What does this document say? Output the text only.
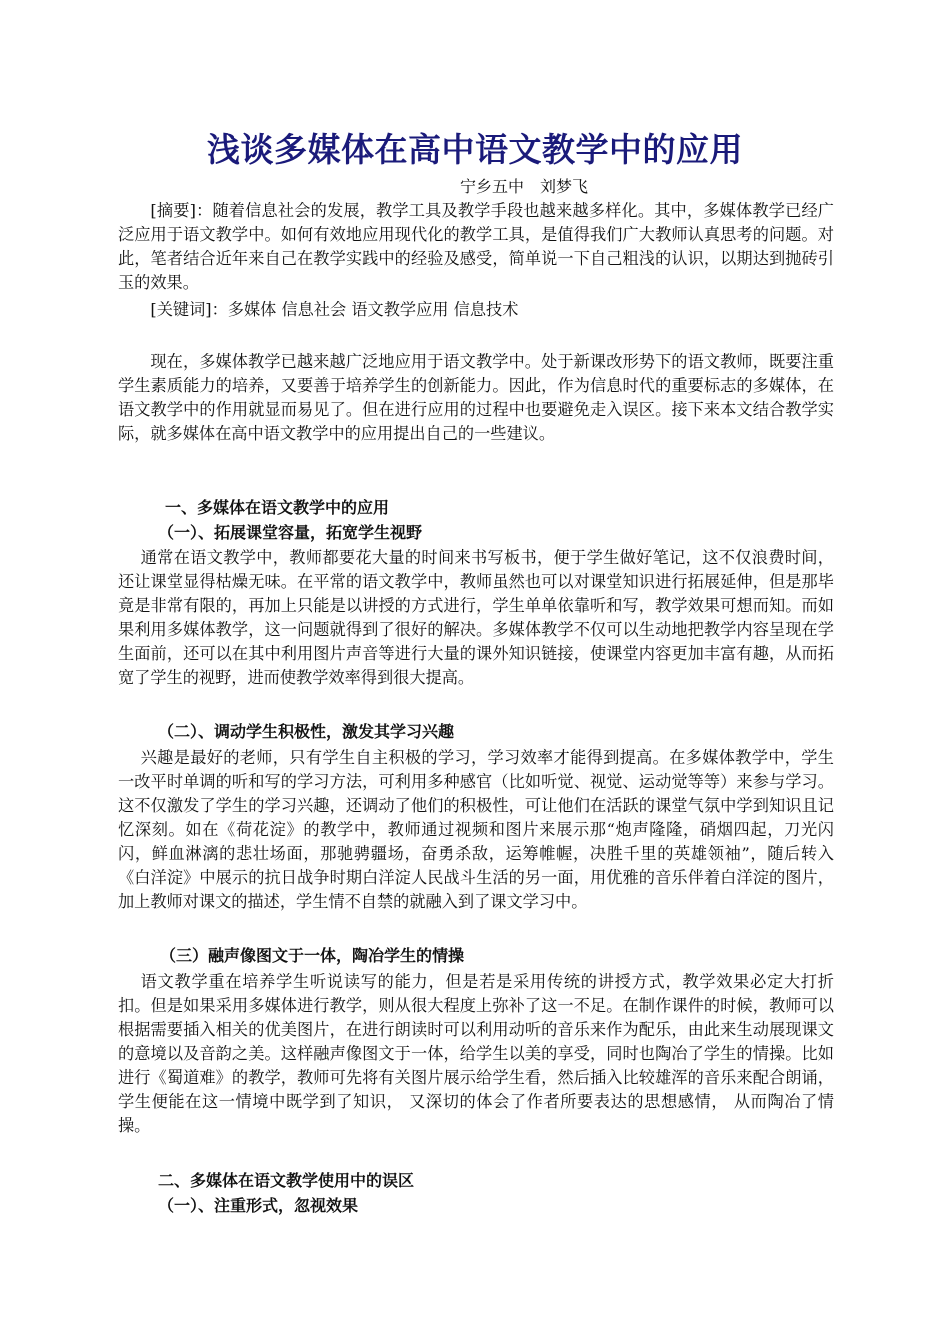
浅谈多媒体在高中语文教学中的应用
宁乡五中　刘梦飞

[摘要]：随着信息社会的发展，教学工具及教学手段也越来越多样化。其中，多媒体教学已经广泛应用于语文教学中。如何有效地应用现代化的教学工具，是值得我们广大教师认真思考的问题。对此，笔者结合近年来自己在教学实践中的经验及感受，简单说一下自己粗浅的认识，以期达到抛砖引玉的效果。

[关键词]：多媒体 信息社会 语文教学应用 信息技术

现在，多媒体教学已越来越广泛地应用于语文教学中。处于新课改形势下的语文教师，既要注重学生素质能力的培养，又要善于培养学生的创新能力。因此，作为信息时代的重要标志的多媒体，在语文教学中的作用就显而易见了。但在进行应用的过程中也要避免走入误区。接下来本文结合教学实际，就多媒体在高中语文教学中的应用提出自己的一些建议。

一、多媒体在语文教学中的应用

（一）、拓展课堂容量，拓宽学生视野

通常在语文教学中，教师都要花大量的时间来书写板书，便于学生做好笔记，这不仅浪费时间，还让课堂显得枯燥无味。在平常的语文教学中，教师虽然也可以对课堂知识进行拓展延伸，但是那毕竟是非常有限的，再加上只能是以讲授的方式进行，学生单单依靠听和写，教学效果可想而知。而如果利用多媒体教学，这一问题就得到了很好的解决。多媒体教学不仅可以生动地把教学内容呈现在学生面前，还可以在其中利用图片声音等进行大量的课外知识链接，使课堂内容更加丰富有趣，从而拓宽了学生的视野，进而使教学效率得到很大提高。

（二）、调动学生积极性，激发其学习兴趣

兴趣是最好的老师，只有学生自主积极的学习，学习效率才能得到提高。在多媒体教学中，学生一改平时单调的听和写的学习方法，可利用多种感官（比如听觉、视觉、运动觉等等）来参与学习。这不仅激发了学生的学习兴趣，还调动了他们的积极性，可让他们在活跃的课堂气氛中学到知识且记忆深刻。如在《荷花淀》的教学中，教师通过视频和图片来展示那“炮声隆隆，硝烟四起，刀光闪闪，鲜血淋漓的悲壮场面，那驰骋疆场，奋勇杀敌，运筹帷幄，决胜千里的英雄领袖”，随后转入《白洋淀》中展示的抗日战争时期白洋淀人民战斗生活的另一面，用优雅的音乐伴着白洋淀的图片，加上教师对课文的描述，学生情不自禁的就融入到了课文学习中。

（三）融声像图文于一体，陶冶学生的情操

语文教学重在培养学生听说读写的能力，但是若是采用传统的讲授方式，教学效果必定大打折扣。但是如果采用多媒体进行教学，则从很大程度上弥补了这一不足。在制作课件的时候，教师可以根据需要插入相关的优美图片，在进行朗读时可以利用动听的音乐来作为配乐，由此来生动展现课文的意境以及音韵之美。这样融声像图文于一体，给学生以美的享受，同时也陶冶了学生的情操。比如进行《蜀道难》的教学，教师可先将有关图片展示给学生看，然后插入比较雄浑的音乐来配合朗诵，学生便能在这一情境中既学到了知识， 又深切的体会了作者所要表达的思想感情， 从而陶冶了情操。

二、多媒体在语文教学使用中的误区

（一）、注重形式，忽视效果
